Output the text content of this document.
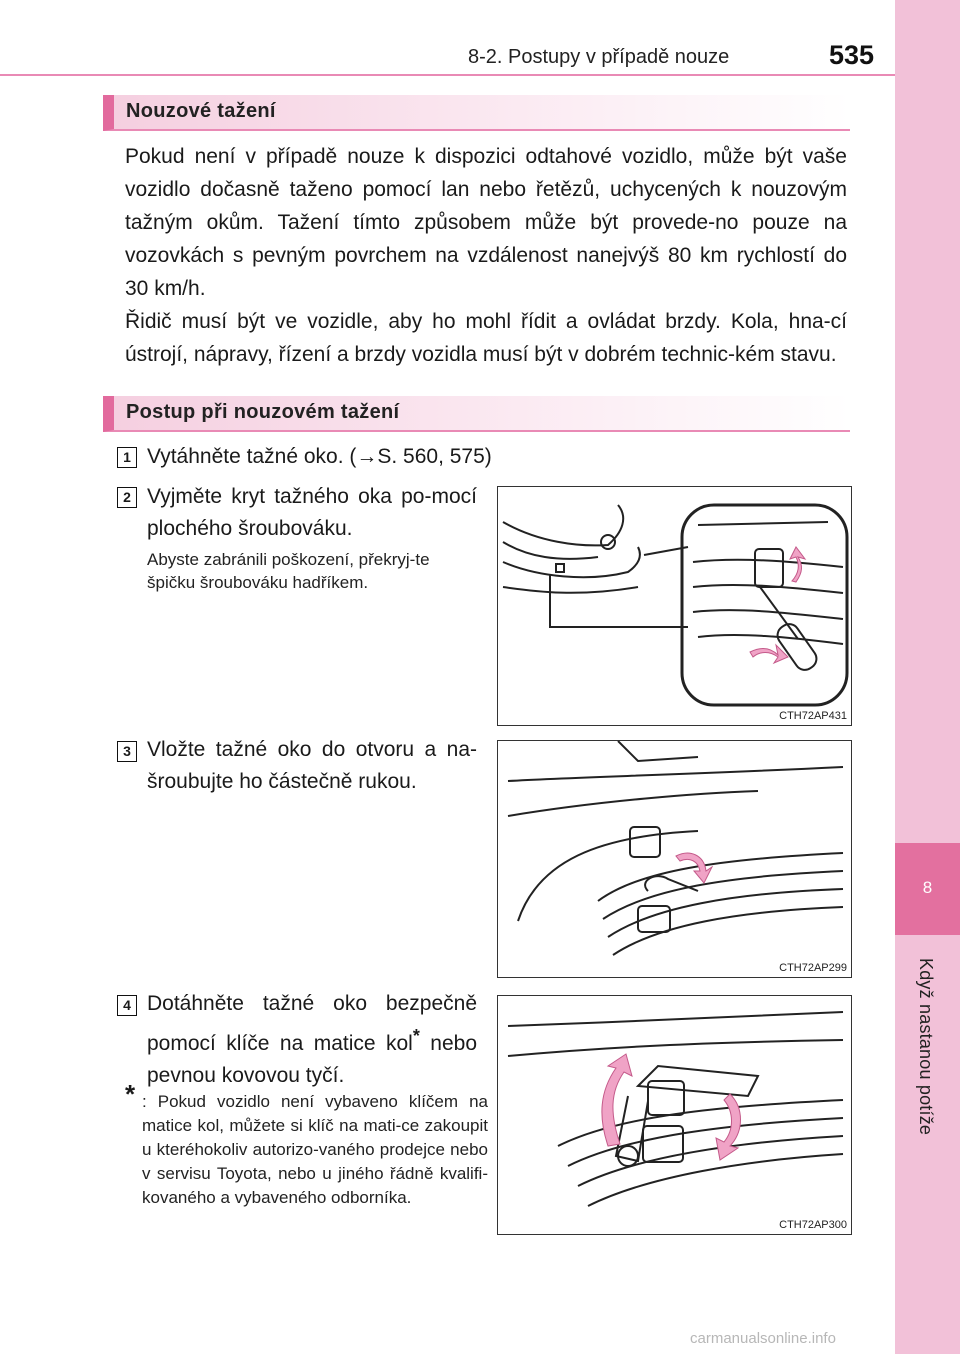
8-2. Postupy v případě nouze	535
8
Když nastanou potíže
Nouzové tažení

Pokud není v případě nouze k dispozici odtahové vozidlo, může být vaše vozidlo dočasně taženo pomocí lan nebo řetězů, uchycených k nouzovým tažným okům. Tažení tímto způsobem může být provede-no pouze na vozovkách s pevným povrchem na vzdálenost nanejvýš 80 km rychlostí do 30 km/h.

Řidič musí být ve vozidle, aby ho mohl řídit a ovládat brzdy. Kola, hna-cí ústrojí, nápravy, řízení a brzdy vozidla musí být v dobrém technic-kém stavu.

Postup při nouzovém tažení
1 Vytáhněte tažné oko. (→S. 560, 575)
2 Vyjměte kryt tažného oka po-mocí plochého šroubováku.
Abyste zabránili poškození, překryj-te špičku šroubováku hadříkem.
CTH72AP431
3 Vložte tažné oko do otvoru a na-šroubujte ho částečně rukou.
CTH72AP299
4 Dotáhněte tažné oko bezpečně pomocí klíče na matice kol* nebo pevnou kovovou tyčí.
* : Pokud vozidlo není vybaveno klíčem na matice kol, můžete si klíč na mati-ce zakoupit u kteréhokoliv autorizo-vaného prodejce nebo v servisu Toyota, nebo u jiného řádně kvalifi-kovaného a vybaveného odborníka.
CTH72AP300
carmanualsonline.info
